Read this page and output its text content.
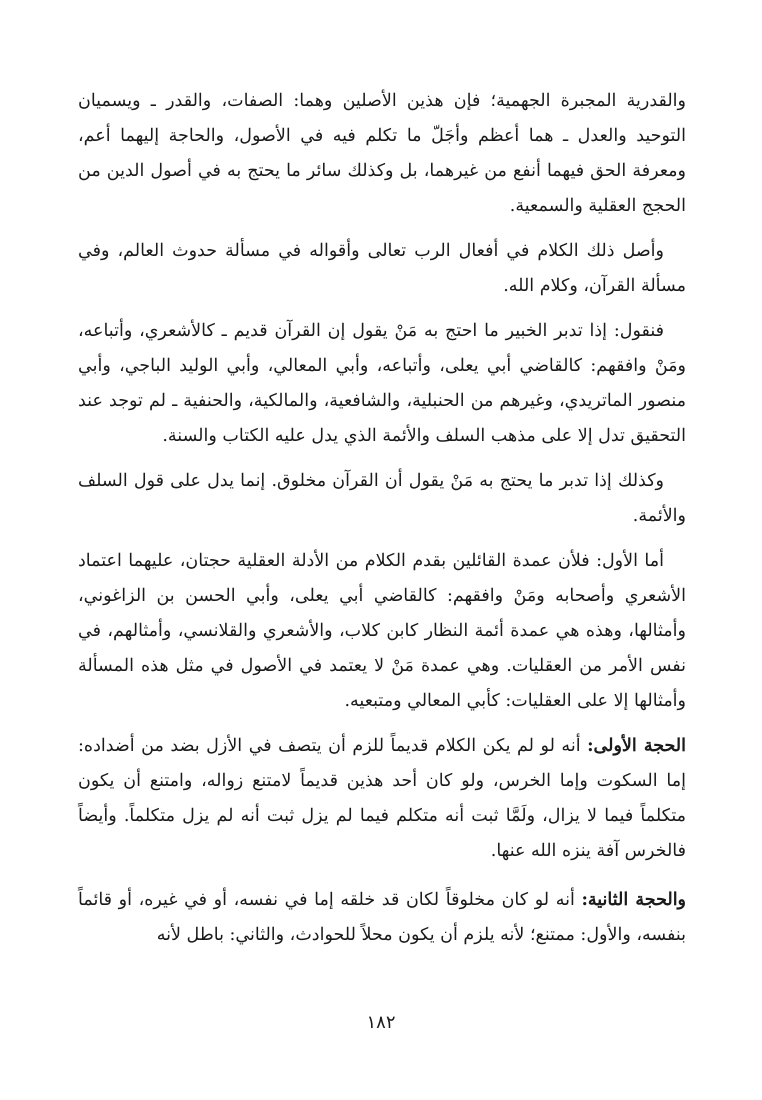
والقدرية المجبرة الجهمية؛ فإن هذين الأصلين وهما: الصفات، والقدر ـ ويسميان التوحيد والعدل ـ هما أعظم وأجَلّ ما تكلم فيه في الأصول، والحاجة إليهما أعم، ومعرفة الحق فيهما أنفع من غيرهما، بل وكذلك سائر ما يحتج به في أصول الدين من الحجج العقلية والسمعية.

وأصل ذلك الكلام في أفعال الرب تعالى وأقواله في مسألة حدوث العالم، وفي مسألة القرآن، وكلام الله.

فنقول: إذا تدبر الخبير ما احتج به مَنْ يقول إن القرآن قديم ـ كالأشعري، وأتباعه، ومَنْ وافقهم: كالقاضي أبي يعلى، وأتباعه، وأبي المعالي، وأبي الوليد الباجي، وأبي منصور الماتريدي، وغيرهم من الحنبلية، والشافعية، والمالكية، والحنفية ـ لم توجد عند التحقيق تدل إلا على مذهب السلف والأئمة الذي يدل عليه الكتاب والسنة.

وكذلك إذا تدبر ما يحتج به مَنْ يقول أن القرآن مخلوق. إنما يدل على قول السلف والأئمة.

أما الأول: فلأن عمدة القائلين بقدم الكلام من الأدلة العقلية حجتان، عليهما اعتماد الأشعري وأصحابه ومَنْ وافقهم: كالقاضي أبي يعلى، وأبي الحسن بن الزاغوني، وأمثالها، وهذه هي عمدة أئمة النظار كابن كلاب، والأشعري والقلانسي، وأمثالهم، في نفس الأمر من العقليات. وهي عمدة مَنْ لا يعتمد في الأصول في مثل هذه المسألة وأمثالها إلا على العقليات: كأبي المعالي ومتبعيه.

الحجة الأولى: أنه لو لم يكن الكلام قديماً للزم أن يتصف في الأزل بضد من أضداده: إما السكوت وإما الخرس، ولو كان أحد هذين قديماً لامتنع زواله، وامتنع أن يكون متكلماً فيما لا يزال، ولَمَّا ثبت أنه متكلم فيما لم يزل ثبت أنه لم يزل متكلماً. وأيضاً فالخرس آفة ينزه الله عنها.

والحجة الثانية: أنه لو كان مخلوقاً لكان قد خلقه إما في نفسه، أو في غيره، أو قائماً بنفسه، والأول: ممتنع؛ لأنه يلزم أن يكون محلاً للحوادث، والثاني: باطل لأنه

١٨٢
